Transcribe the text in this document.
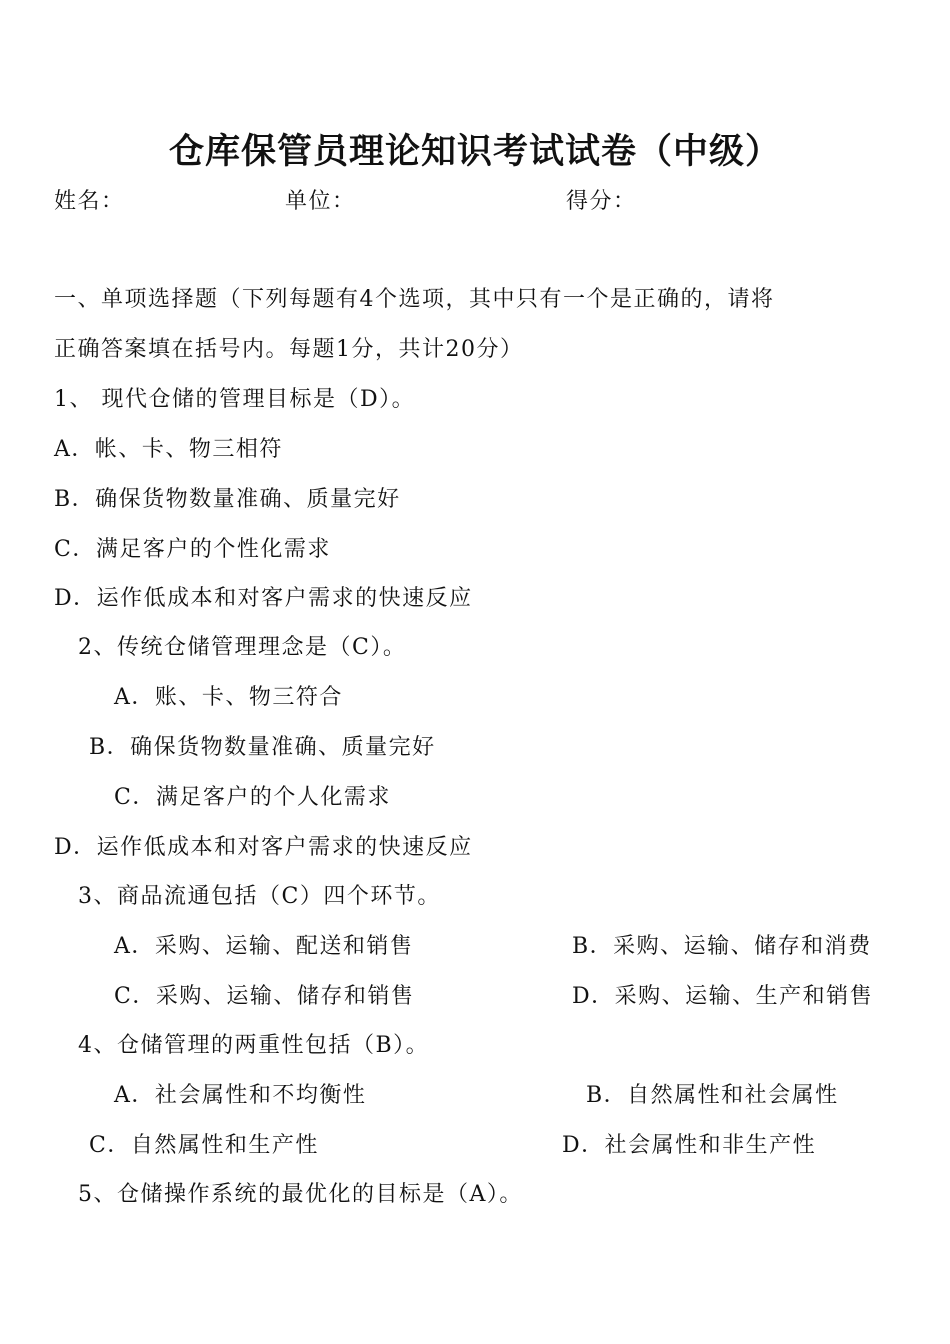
仓库保管员理论知识考试试卷（中级）
姓名：	单位：	得分：
一、单项选择题（下列每题有4个选项，其中只有一个是正确的，请将
正确答案填在括号内。每题1分，共计20分）
1、 现代仓储的管理目标是（D）。
A．帐、卡、物三相符
B．确保货物数量准确、质量完好
C．满足客户的个性化需求
D．运作低成本和对客户需求的快速反应
2、传统仓储管理理念是（C）。
A．账、卡、物三符合
B．确保货物数量准确、质量完好
C．满足客户的个人化需求
D．运作低成本和对客户需求的快速反应
3、商品流通包括（C）四个环节。
A．采购、运输、配送和销售	B．采购、运输、储存和消费
C．采购、运输、储存和销售	D．采购、运输、生产和销售
4、仓储管理的两重性包括（B）。
A．社会属性和不均衡性	B．自然属性和社会属性
C．自然属性和生产性	D．社会属性和非生产性
5、仓储操作系统的最优化的目标是（A）。
